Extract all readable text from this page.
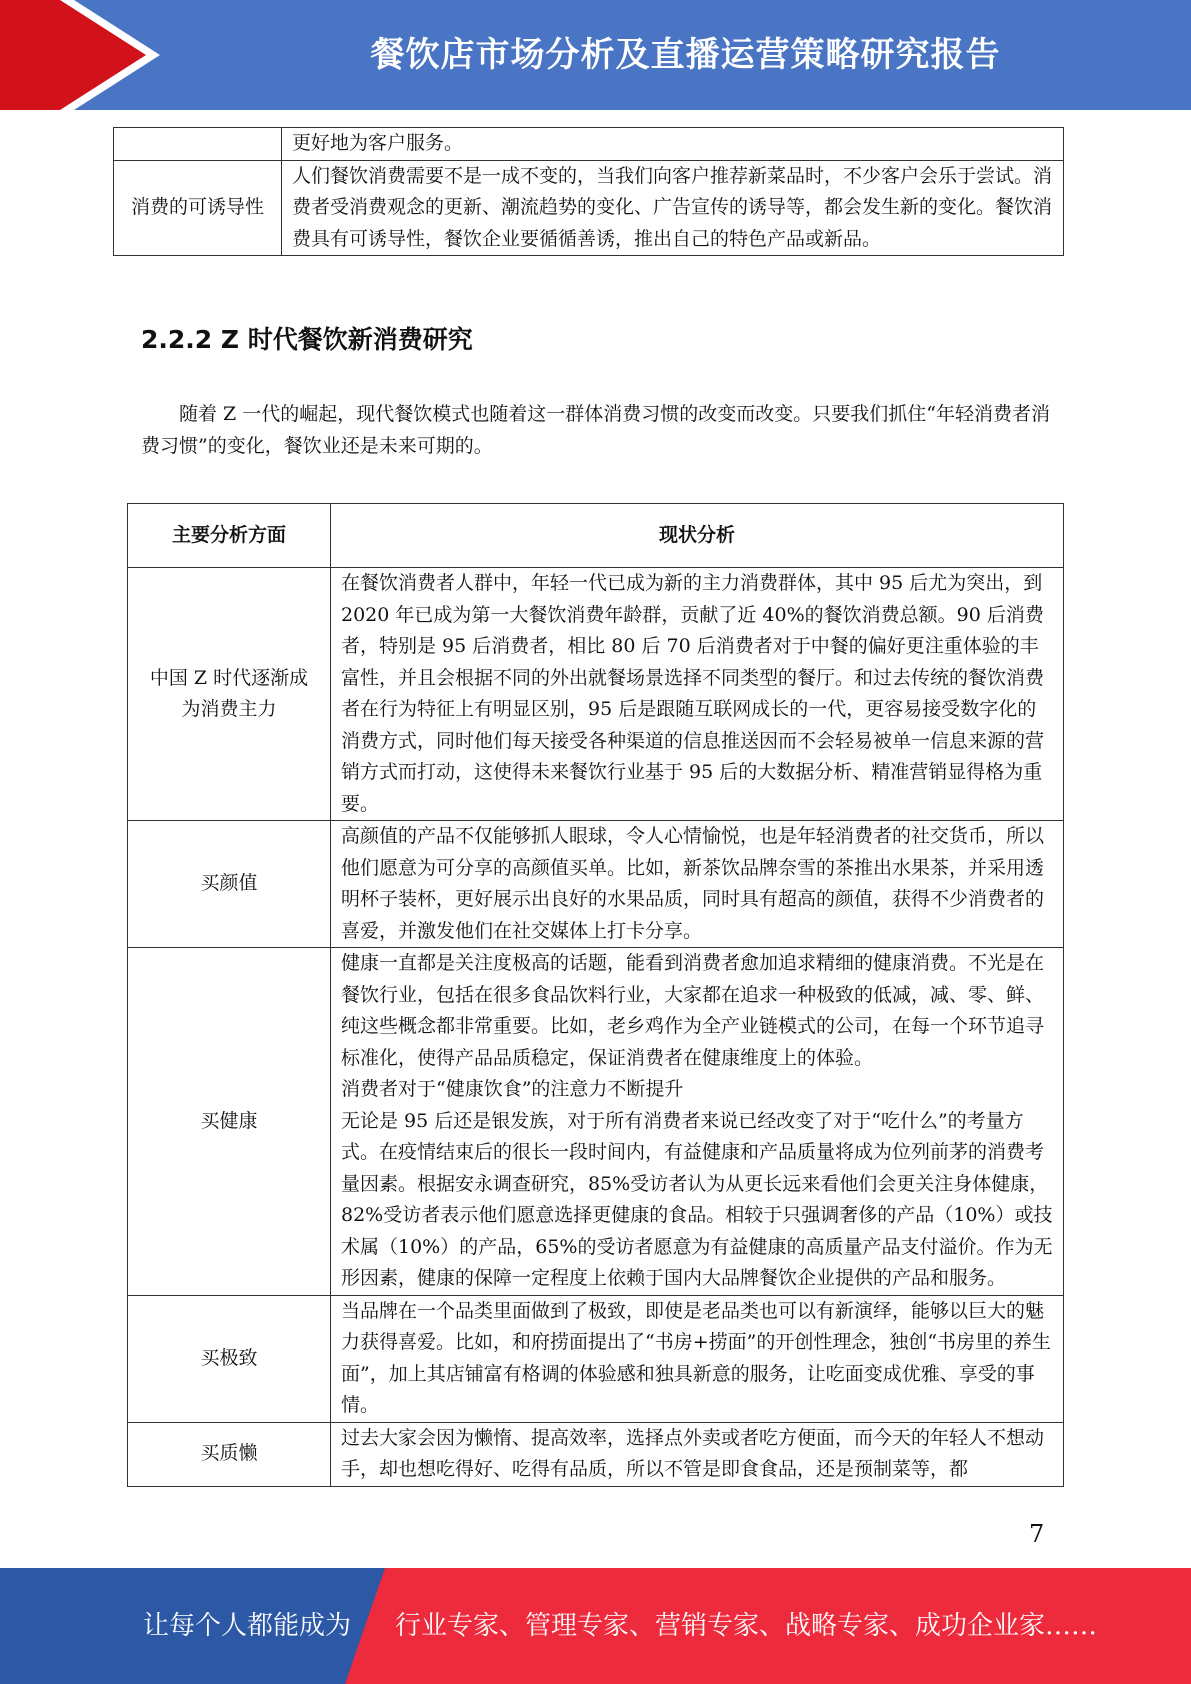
餐饮店市场分析及直播运营策略研究报告
	更好地为客户服务。
消费的可诱导性	人们餐饮消费需要不是一成不变的，当我们向客户推荐新菜品时，不少客户会乐于尝试。消费者受消费观念的更新、潮流趋势的变化、广告宣传的诱导等，都会发生新的变化。餐饮消费具有可诱导性，餐饮企业要循循善诱，推出自己的特色产品或新品。
2.2.2 Z 时代餐饮新消费研究
随着 Z 一代的崛起，现代餐饮模式也随着这一群体消费习惯的改变而改变。只要我们抓住“年轻消费者消费习惯”的变化，餐饮业还是未来可期的。
主要分析方面	现状分析
中国 Z 时代逐渐成为消费主力	在餐饮消费者人群中，年轻一代已成为新的主力消费群体，其中 95 后尤为突出，到 2020 年已成为第一大餐饮消费年龄群，贡献了近 40%的餐饮消费总额。90 后消费者，特别是 95 后消费者，相比 80 后 70 后消费者对于中餐的偏好更注重体验的丰富性，并且会根据不同的外出就餐场景选择不同类型的餐厅。和过去传统的餐饮消费者在行为特征上有明显区别，95 后是跟随互联网成长的一代，更容易接受数字化的消费方式，同时他们每天接受各种渠道的信息推送因而不会轻易被单一信息来源的营销方式而打动，这使得未来餐饮行业基于 95 后的大数据分析、精准营销显得格为重要。
买颜值	高颜值的产品不仅能够抓人眼球，令人心情愉悦，也是年轻消费者的社交货币，所以他们愿意为可分享的高颜值买单。比如，新茶饮品牌奈雪的茶推出水果茶，并采用透明杯子装杯，更好展示出良好的水果品质，同时具有超高的颜值，获得不少消费者的喜爱，并激发他们在社交媒体上打卡分享。
买健康	健康一直都是关注度极高的话题，能看到消费者愈加追求精细的健康消费。不光是在餐饮行业，包括在很多食品饮料行业，大家都在追求一种极致的低减，减、零、鲜、纯这些概念都非常重要。比如，老乡鸡作为全产业链模式的公司，在每一个环节追寻标准化，使得产品品质稳定，保证消费者在健康维度上的体验。
消费者对于“健康饮食”的注意力不断提升
无论是 95 后还是银发族，对于所有消费者来说已经改变了对于“吃什么”的考量方式。在疫情结束后的很长一段时间内，有益健康和产品质量将成为位列前茅的消费考量因素。根据安永调查研究，85%受访者认为从更长远来看他们会更关注身体健康，82%受访者表示他们愿意选择更健康的食品。相较于只强调奢侈的产品（10%）或技术属（10%）的产品，65%的受访者愿意为有益健康的高质量产品支付溢价。作为无形因素，健康的保障一定程度上依赖于国内大品牌餐饮企业提供的产品和服务。

买极致	当品牌在一个品类里面做到了极致，即使是老品类也可以有新演绎，能够以巨大的魅力获得喜爱。比如，和府捞面提出了“书房+捞面”的开创性理念，独创“书房里的养生面”，加上其店铺富有格调的体验感和独具新意的服务，让吃面变成优雅、享受的事情。
买质懒	过去大家会因为懒惰、提高效率，选择点外卖或者吃方便面，而今天的年轻人不想动手，却也想吃得好、吃得有品质，所以不管是即食食品，还是预制菜等，都
7
让每个人都能成为 行业专家、管理专家、营销专家、战略专家、成功企业家……
